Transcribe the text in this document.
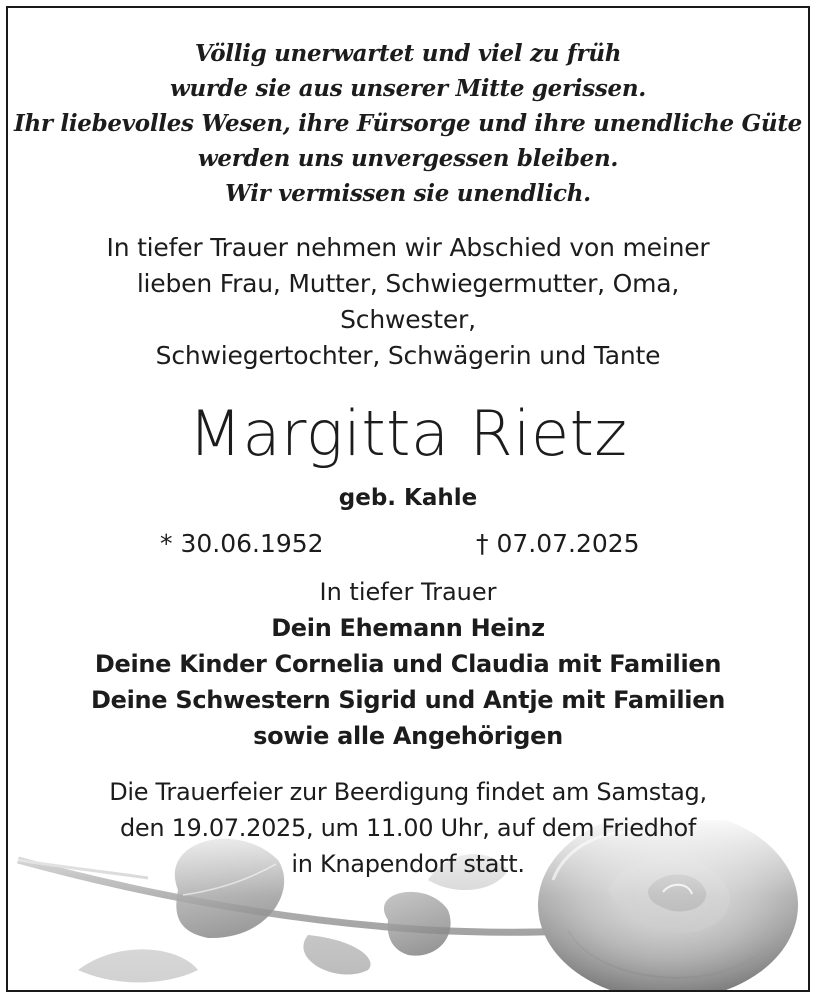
Völlig unerwartet und viel zu früh
wurde sie aus unserer Mitte gerissen.
Ihr liebevolles Wesen, ihre Fürsorge und ihre unendliche Güte
werden uns unvergessen bleiben.
Wir vermissen sie unendlich.
In tiefer Trauer nehmen wir Abschied von meiner
lieben Frau, Mutter, Schwiegermutter, Oma,
Schwester,
Schwiegertochter, Schwägerin und Tante
Margitta Rietz
geb. Kahle
* 30.06.1952	† 07.07.2025
In tiefer Trauer
Dein Ehemann Heinz
Deine Kinder Cornelia und Claudia mit Familien
Deine Schwestern Sigrid und Antje mit Familien
sowie alle Angehörigen
Die Trauerfeier zur Beerdigung findet am Samstag,
den 19.07.2025, um 11.00 Uhr, auf dem Friedhof
in Knapendorf statt.
